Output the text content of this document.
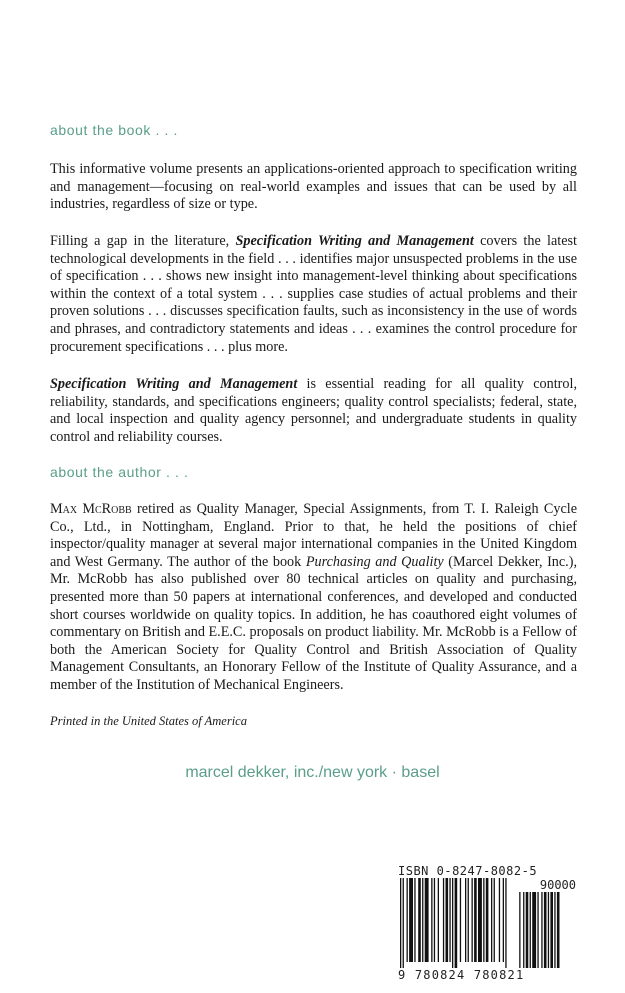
about the book . . .

This informative volume presents an applications-oriented approach to specification writing and management—focusing on real-world examples and issues that can be used by all industries, regardless of size or type.

Filling a gap in the literature, Specification Writing and Management covers the latest technological developments in the field . . . identifies major unsuspected problems in the use of specification . . . shows new insight into management-level thinking about specifications within the context of a total system . . . supplies case studies of actual problems and their proven solutions . . . discusses specification faults, such as inconsistency in the use of words and phrases, and contradictory statements and ideas . . . examines the control procedure for procurement specifications . . . plus more.

Specification Writing and Management is essential reading for all quality control, reliability, standards, and specifications engineers; quality control specialists; federal, state, and local inspection and quality agency personnel; and undergraduate students in quality control and reliability courses.

about the author . . .

Max McRobb retired as Quality Manager, Special Assignments, from T. I. Raleigh Cycle Co., Ltd., in Nottingham, England. Prior to that, he held the positions of chief inspector/quality manager at several major international companies in the United Kingdom and West Germany. The author of the book Purchasing and Quality (Marcel Dekker, Inc.), Mr. McRobb has also published over 80 technical articles on quality and purchasing, presented more than 50 papers at international conferences, and developed and conducted short courses worldwide on quality topics. In addition, he has coauthored eight volumes of commentary on British and E.E.C. proposals on product liability. Mr. McRobb is a Fellow of both the American Society for Quality Control and British Association of Quality Management Consultants, an Honorary Fellow of the Institute of Quality Assurance, and a member of the Institution of Mechanical Engineers.

Printed in the United States of America
marcel dekker, inc./new york · basel
ISBN 0-8247-8082-5
90000
9 780824 780821
